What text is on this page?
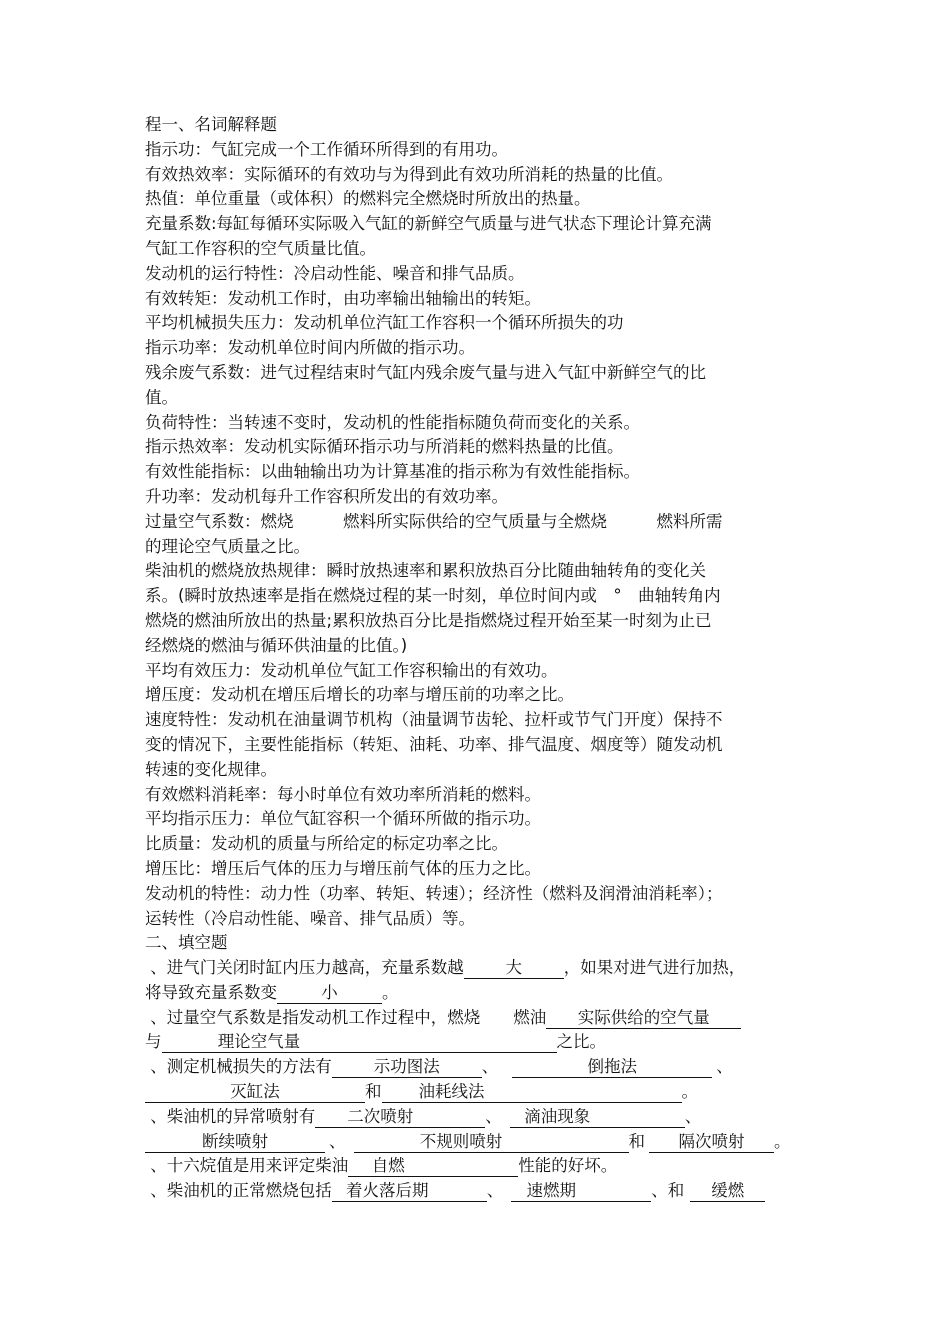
程一、名词解释题
指示功：气缸完成一个工作循环所得到的有用功。
有效热效率：实际循环的有效功与为得到此有效功所消耗的热量的比值。
热值：单位重量（或体积）的燃料完全燃烧时所放出的热量。
充量系数:每缸每循环实际吸入气缸的新鲜空气质量与进气状态下理论计算充满
气缸工作容积的空气质量比值。
发动机的运行特性：冷启动性能、噪音和排气品质。
有效转矩：发动机工作时，由功率输出轴输出的转矩。
平均机械损失压力：发动机单位汽缸工作容积一个循环所损失的功
指示功率：发动机单位时间内所做的指示功。
残余废气系数：进气过程结束时气缸内残余废气量与进入气缸中新鲜空气的比
值。
负荷特性：当转速不变时，发动机的性能指标随负荷而变化的关系。
指示热效率：发动机实际循环指示功与所消耗的燃料热量的比值。
有效性能指标：以曲轴输出功为计算基准的指示称为有效性能指标。
升功率：发动机每升工作容积所发出的有效功率。
过量空气系数：燃烧　　　燃料所实际供给的空气质量与全燃烧　　　燃料所需
的理论空气质量之比。
柴油机的燃烧放热规律：瞬时放热速率和累积放热百分比随曲轴转角的变化关
系。(瞬时放热速率是指在燃烧过程的某一时刻，单位时间内或　°　曲轴转角内
燃烧的燃油所放出的热量;累积放热百分比是指燃烧过程开始至某一时刻为止已
经燃烧的燃油与循环供油量的比值。)
平均有效压力：发动机单位气缸工作容积输出的有效功。
增压度：发动机在增压后增长的功率与增压前的功率之比。
速度特性：发动机在油量调节机构（油量调节齿轮、拉杆或节气门开度）保持不
变的情况下，主要性能指标（转矩、油耗、功率、排气温度、烟度等）随发动机
转速的变化规律。
有效燃料消耗率：每小时单位有效功率所消耗的燃料。
平均指示压力：单位气缸容积一个循环所做的指示功。
比质量：发动机的质量与所给定的标定功率之比。
增压比：增压后气体的压力与增压前气体的压力之比。
发动机的特性：动力性（功率、转矩、转速）；经济性（燃料及润滑油消耗率）；
运转性（冷启动性能、噪音、排气品质）等。
二、填空题
、进气门关闭时缸内压力越高，充量系数越	大	，如果对进气进行加热，
将导致充量系数变	小	。
、过量空气系数是指发动机工作过程中，燃烧　　燃油 实际供给的空气量
与	理论空气量	之比。
、测定机械损失的方法有	示功图法	、	倒拖法	、
灭缸法	和 油耗线法	。
、柴油机的异常喷射有 二次喷射	、 滴油现象	、
断续喷射	、	不规则喷射	和 隔次喷射 。
、十六烷值是用来评定柴油 自燃	性能的好坏。
、柴油机的正常燃烧包括 着火落后期	、 速燃期	、和 缓燃
